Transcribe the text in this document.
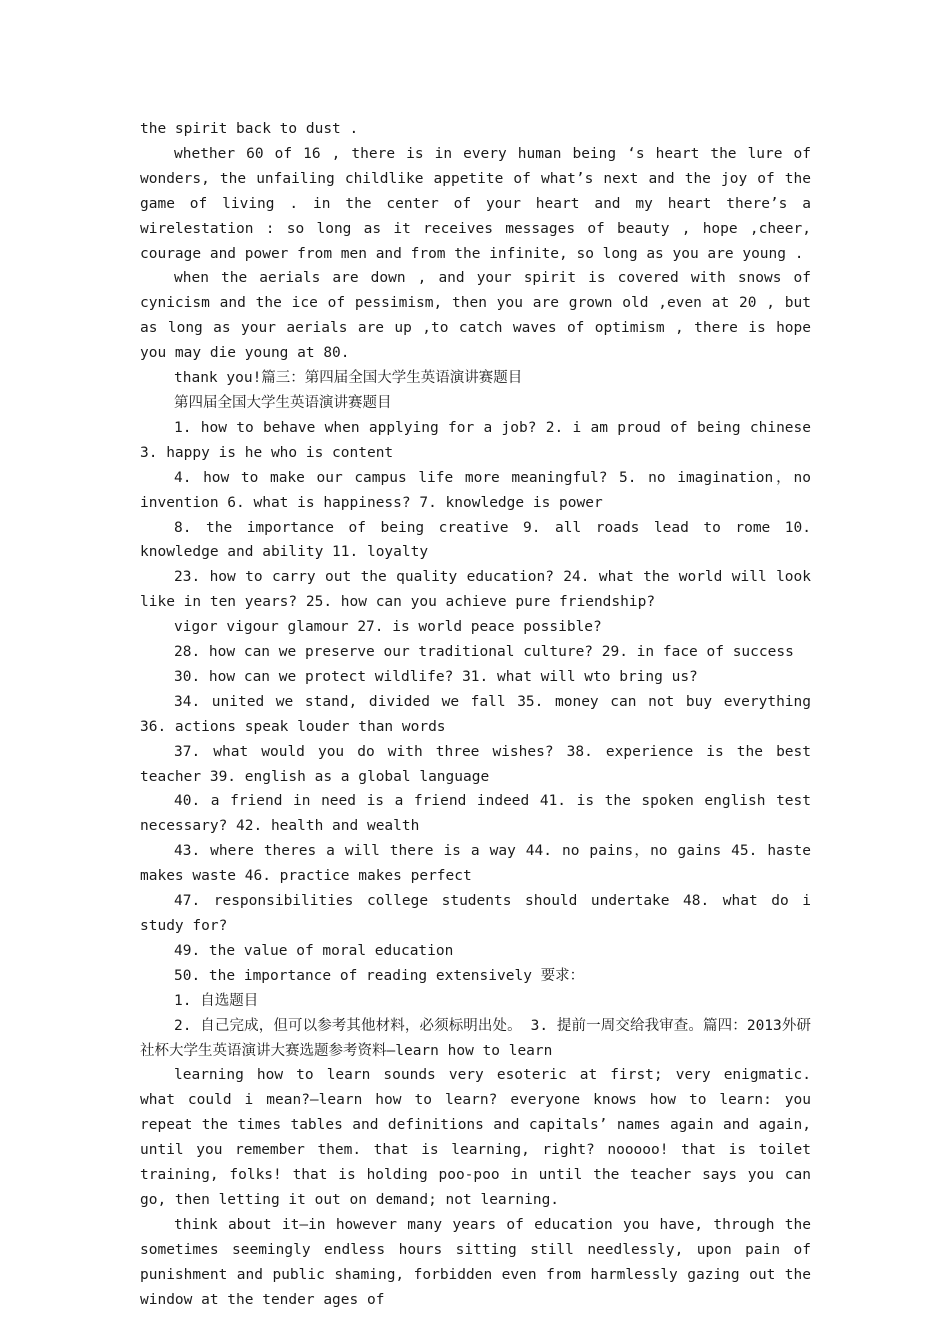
the spirit back to dust .

whether 60 of 16 , there is in every human being ‘s heart the lure of wonders, the unfailing childlike appetite of what’s next and the joy of the game of living . in the center of your heart and my heart there’s a wirelestation : so long as it receives messages of beauty , hope ,cheer, courage and power from men and from the infinite, so long as you are young .

when the aerials are down , and your spirit is covered with snows of cynicism and the ice of pessimism, then you are grown old ,even at 20 , but as long as your aerials are up ,to catch waves of optimism , there is hope you may die young at 80.

thank you!篇三：第四届全国大学生英语演讲赛题目

第四届全国大学生英语演讲赛题目

1. how to behave when applying for a job? 2. i am proud of being chinese 3. happy is he who is content

4. how to make our campus life more meaningful? 5. no imagination，no invention 6. what is happiness? 7. knowledge is power

8. the importance of being creative 9. all roads lead to rome 10. knowledge and ability 11. loyalty

23. how to carry out the quality education? 24. what the world will look like in ten years? 25. how can you achieve pure friendship?

vigor vigour glamour 27. is world peace possible?

28. how can we preserve our traditional culture? 29. in face of success

30. how can we protect wildlife? 31. what will wto bring us?

34. united we stand, divided we fall 35. money can not buy everything 36. actions speak louder than words

37. what would you do with three wishes? 38. experience is the best teacher 39. english as a global language

40. a friend in need is a friend indeed 41. is the spoken english test necessary? 42. health and wealth

43. where theres a will there is a way 44. no pains，no gains 45. haste makes waste 46. practice makes perfect

47. responsibilities college students should undertake 48. what do i study for?

49. the value of moral education

50. the importance of reading extensively 要求：

1. 自选题目

2. 自己完成，但可以参考其他材料，必须标明出处。 3. 提前一周交给我审查。篇四：2013外研社杯大学生英语演讲大赛选题参考资料—learn how to learn

learning how to learn sounds very esoteric at first; very enigmatic. what could i mean?—learn how to learn? everyone knows how to learn: you repeat the times tables and definitions and capitals’ names again and again, until you remember them. that is learning, right? nooooo! that is toilet training, folks! that is holding poo-poo in until the teacher says you can go, then letting it out on demand; not learning.

think about it—in however many years of education you have, through the sometimes seemingly endless hours sitting still needlessly, upon pain of punishment and public shaming, forbidden even from harmlessly gazing out the window at the tender ages of
